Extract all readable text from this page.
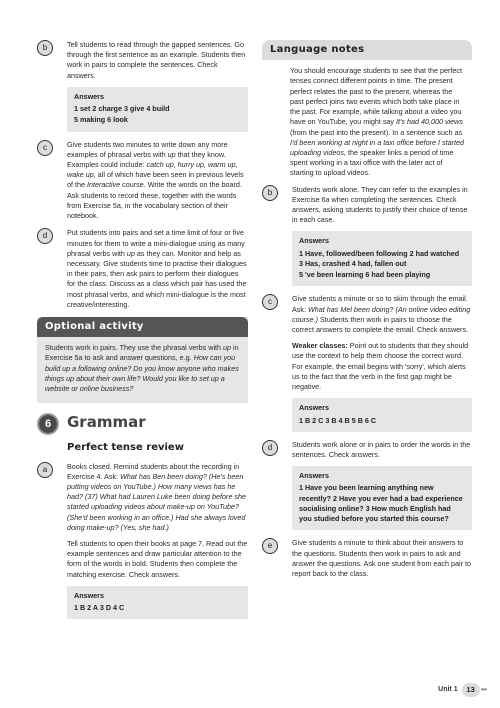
b	Tell students to read through the gapped sentences. Go through the first sentence as an example. Students then work in pairs to complete the sentences. Check answers.

Answers
1 set 2 charge 3 give 4 build
5 making 6 look
c	Give students two minutes to write down any more examples of phrasal verbs with up that they know. Examples could include: catch up, hurry up, warm up, wake up, all of which have been seen in previous levels of the Interactive course. Write the words on the board. Ask students to record these, together with the words from Exercise 5a, in the vocabulary section of their notebook.

d	Put students into pairs and set a time limit of four or five minutes for them to write a mini-dialogue using as many phrasal verbs with up as they can. Monitor and help as necessary. Give students time to practise their dialogues in their pairs, then ask pairs to perform their dialogues for the class. Discuss as a class which pair has used the most phrasal verbs, and which mini-dialogue is the most creative/interesting.

Optional activity
Students work in pairs. They use the phrasal verbs with up in Exercise 5a to ask and answer questions, e.g. How can you build up a following online? Do you know anyone who makes things up about their own life? Would you like to set up a website or online business?
6	Grammar
Perfect tense review
a	Books closed. Remind students about the recording in Exercise 4. Ask: What has Ben been doing? (He's been putting videos on YouTube.) How many views has he had? (37) What had Lauren Luke been doing before she started uploading videos about make-up on YouTube? (She'd been working in an office.) Had she always loved doing make-up? (Yes, she had.)

Tell students to open their books at page 7. Read out the example sentences and draw particular attention to the form of the words in bold. Students then complete the matching exercise. Check answers.

Answers
1 B 2 A 3 D 4 C
Language notes
You should encourage students to see that the perfect tenses connect different points in time. The present perfect relates the past to the present, whereas the past perfect joins two events which both take place in the past. For example, while talking about a video you have on YouTube, you might say It's had 40,000 views (from the past into the present). In a sentence such as I'd been working at night in a taxi office before I started uploading videos, the speaker links a period of time spent working in a taxi office with the later act of starting to upload videos.
b	Students work alone. They can refer to the examples in Exercise 6a when completing the sentences. Check answers, asking students to justify their choice of tense in each case.

Answers
1 Have, followed/been following 2 had watched 3 Has, crashed 4 had, fallen out
5 've been learning 6 had been playing
c	Give students a minute or so to skim through the email. Ask: What has Mel been doing? (An online video editing course.) Students then work in pairs to choose the correct answers to complete the email. Check answers.

Weaker classes: Point out to students that they should use the context to help them choose the correct word. For example, the email begins with 'sorry', which alerts us to the fact that the verb in the first gap might be negative.

Answers
1 B 2 C 3 B 4 B 5 B 6 C
d	Students work alone or in pairs to order the words in the sentences. Check answers.

Answers
1 Have you been learning anything new recently? 2 Have you ever had a bad experience socialising online? 3 How much English had you studied before you started this course?
e	Give students a minute to think about their answers to the questions. Students then work in pairs to ask and answer the questions. Ask one student from each pair to report back to the class.

Unit 1	13 •••
